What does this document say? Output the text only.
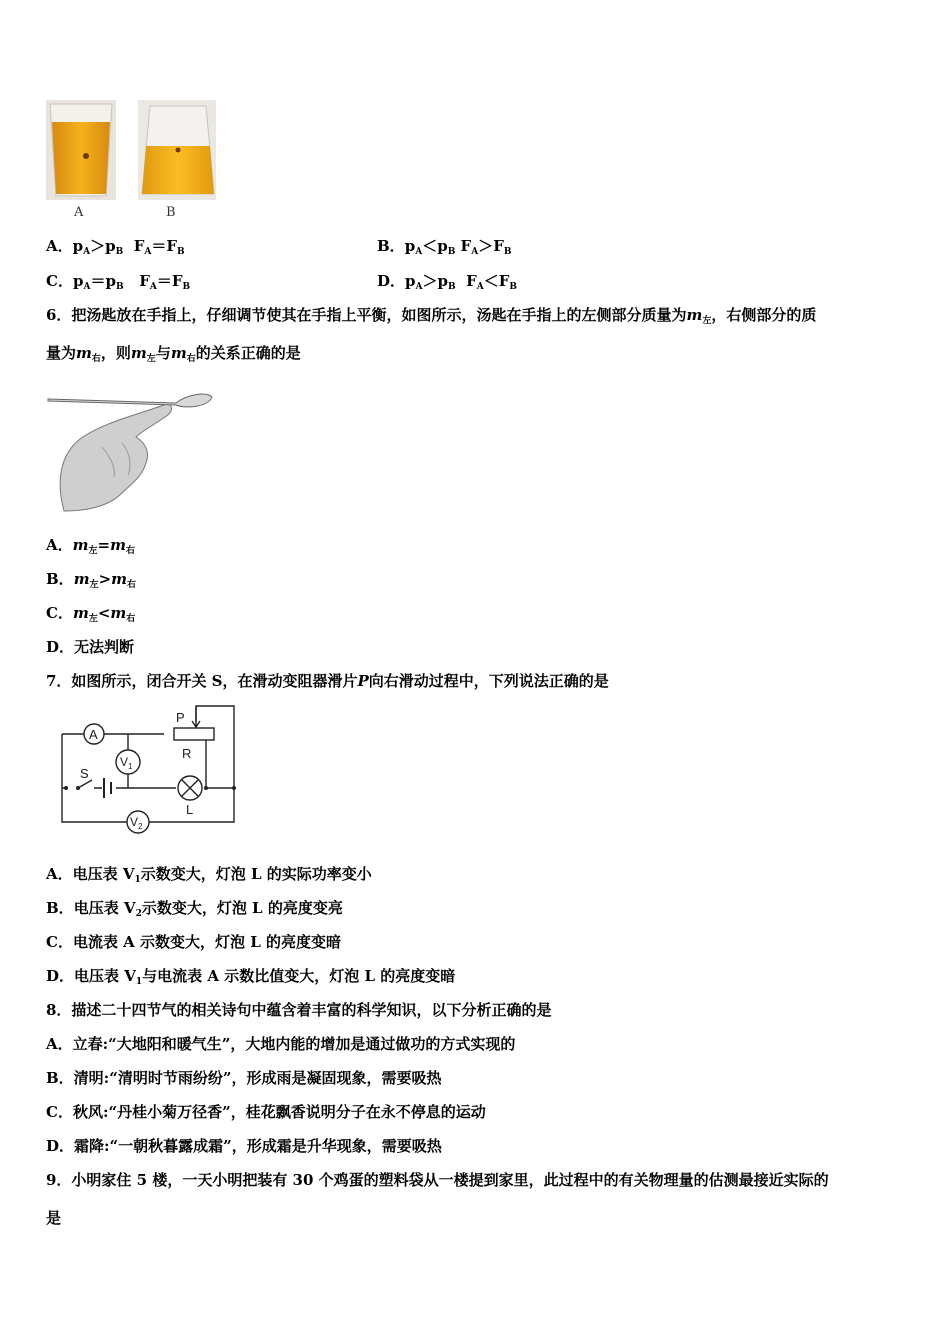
A	B
A．$p_A>p_B$ $F_A=F_B$	B．$p_A<p_B$ $F_A>F_B$
C．$p_A=p_B$ $F_A=F_B$	D．$p_A>p_B$ $F_A<F_B$
6．把汤匙放在手指上，仔细调节使其在手指上平衡，如图所示，汤匙在手指上的左侧部分质量为$m_左$，右侧部分的质
量为$m_右$，则$m_左$与$m_右$的关系正确的是
A．$m_左=m_右$
B．$m_左>m_右$
C．$m_左<m_右$
D．无法判断
7．如图所示，闭合开关 S，在滑动变阻器滑片P向右滑动过程中，下列说法正确的是
A
$V_1$
P
R
S
L
$V_2$
A．电压表 $V_1$示数变大，灯泡 L 的实际功率变小
B．电压表 $V_2$示数变大，灯泡 L 的亮度变亮
C．电流表 A 示数变大，灯泡 L 的亮度变暗
D．电压表 $V_1$与电流表 A 示数比值变大，灯泡 L 的亮度变暗
8．描述二十四节气的相关诗句中蕴含着丰富的科学知识，以下分析正确的是
A．立春:“大地阳和暖气生”，大地内能的增加是通过做功的方式实现的
B．清明:“清明时节雨纷纷”，形成雨是凝固现象，需要吸热
C．秋风:“丹桂小菊万径香”，桂花飘香说明分子在永不停息的运动
D．霜降:“一朝秋暮露成霜”，形成霜是升华现象，需要吸热
9．小明家住 5 楼，一天小明把装有 30 个鸡蛋的塑料袋从一楼提到家里，此过程中的有关物理量的估测最接近实际的
是
